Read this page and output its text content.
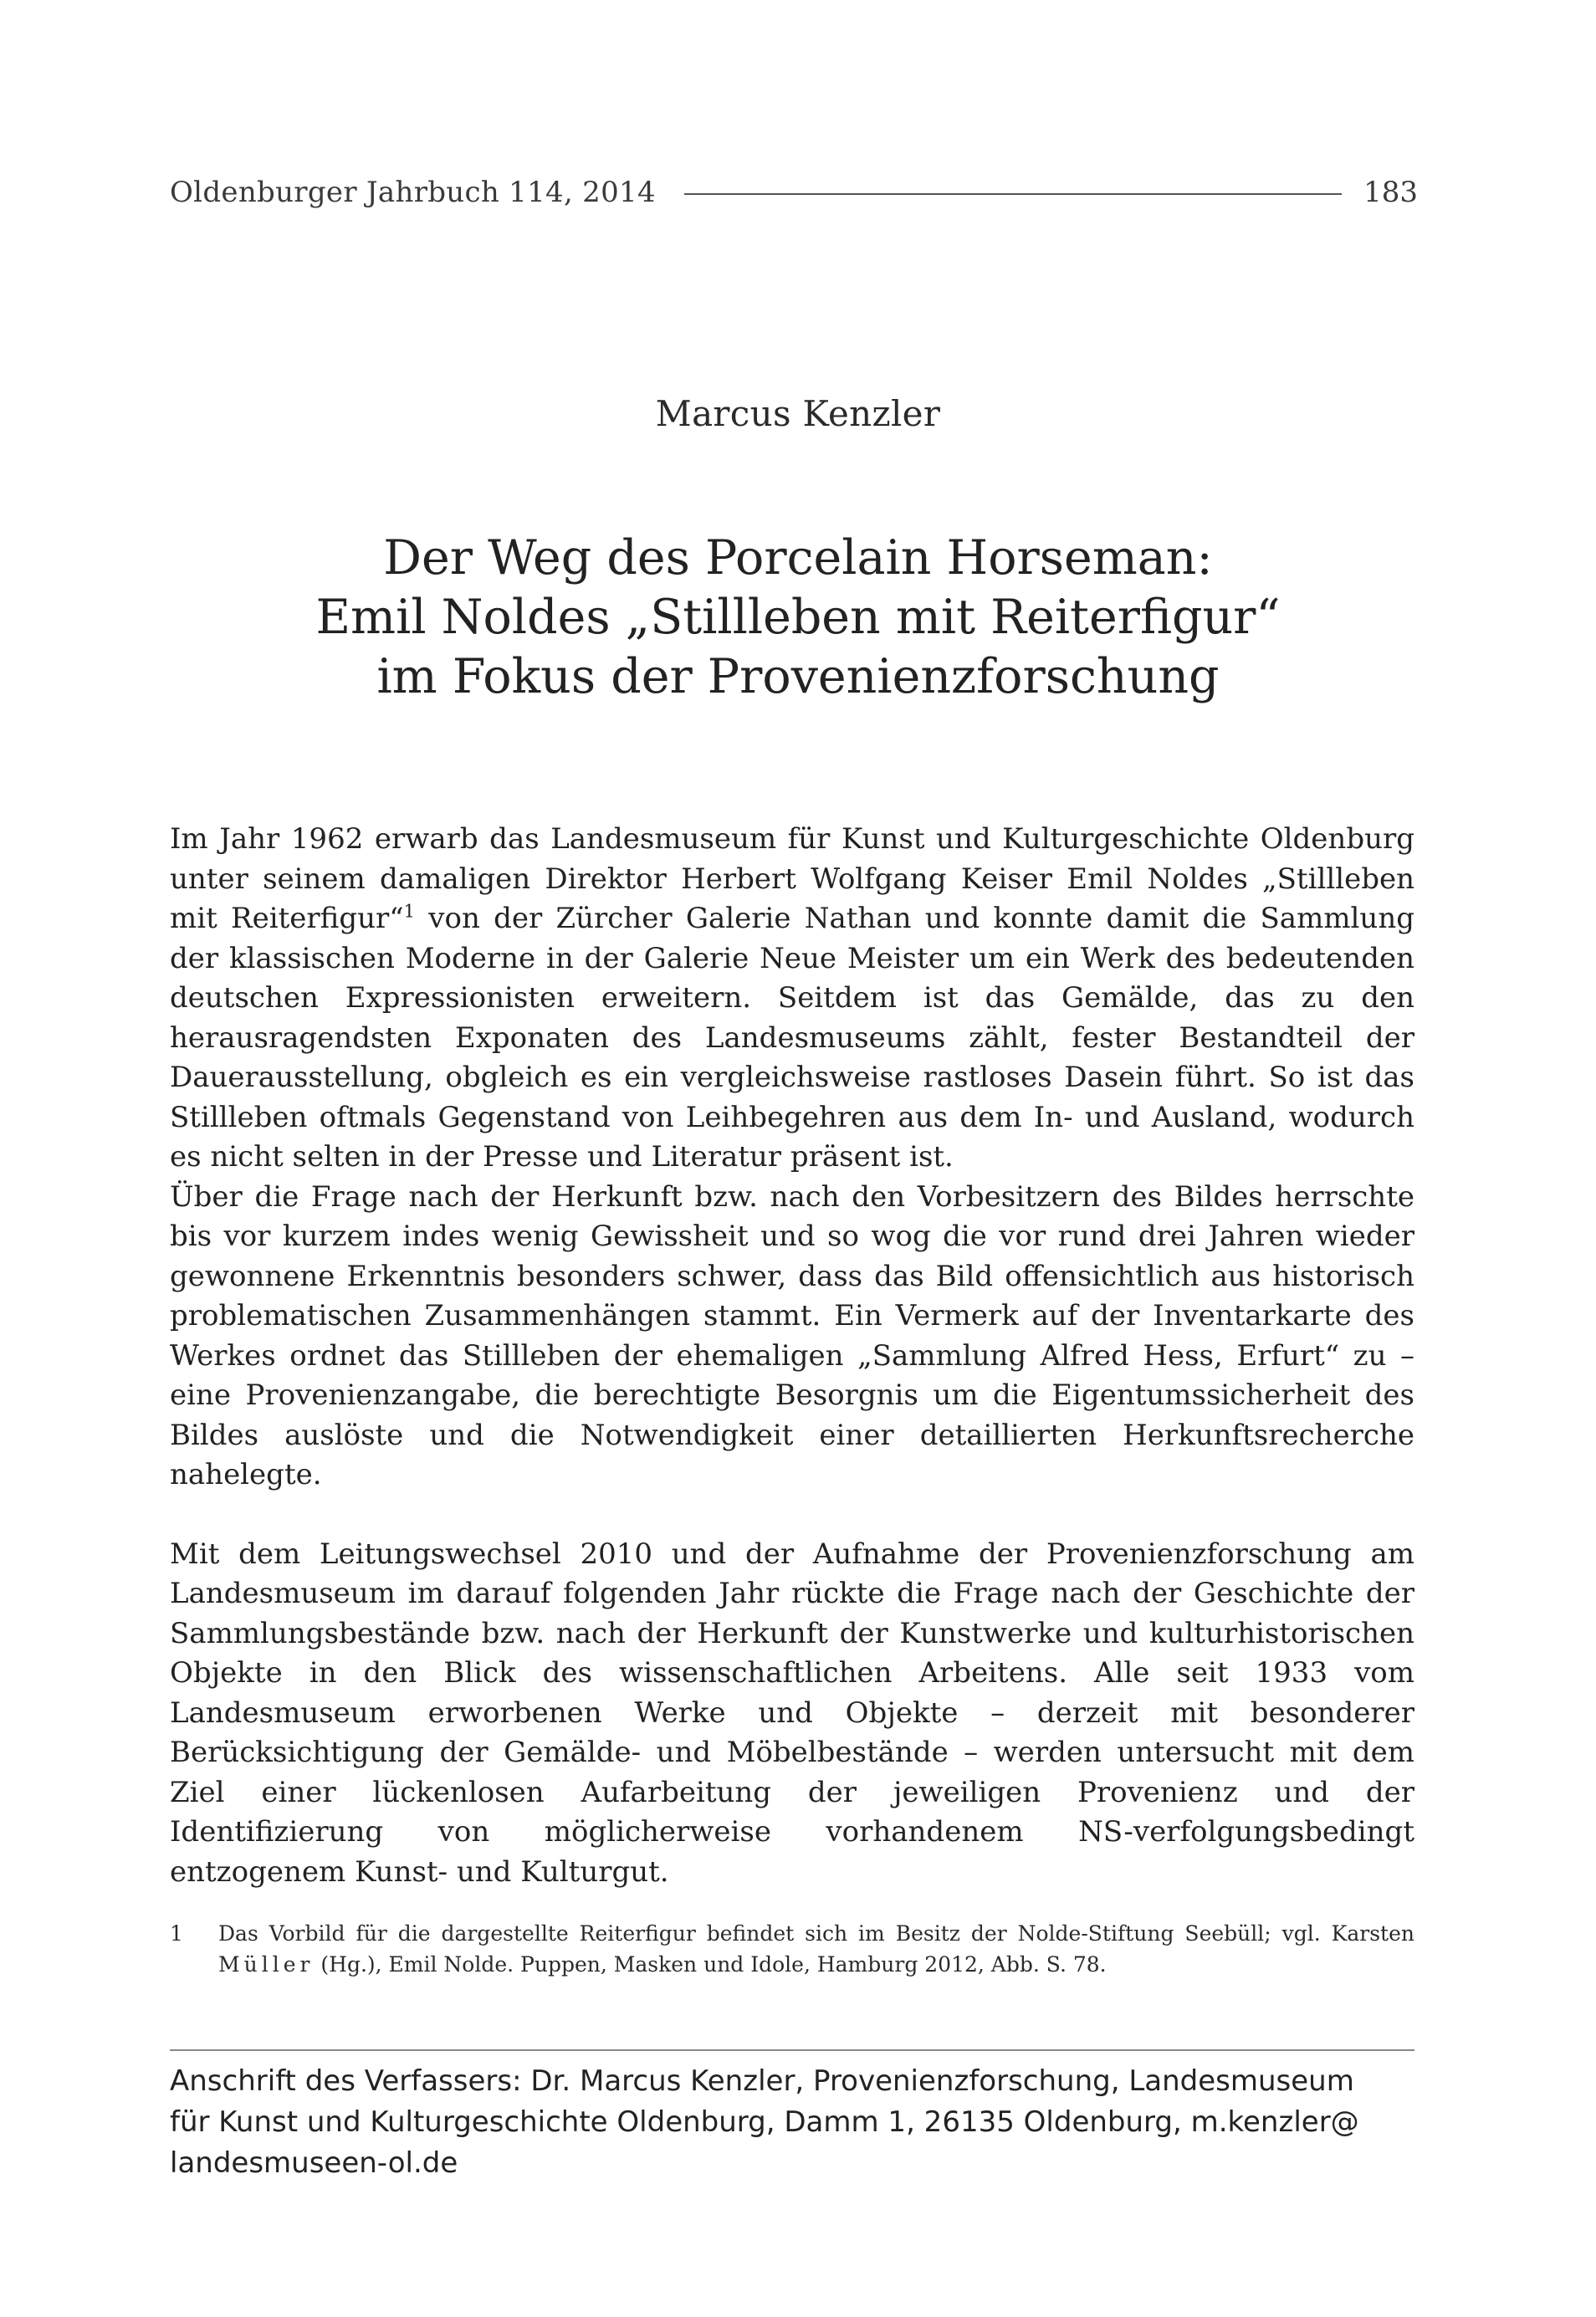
Oldenburger Jahrbuch 114, 2014	183
Marcus Kenzler
Der Weg des Porcelain Horseman:
Emil Noldes „Stillleben mit Reiterfigur“
im Fokus der Provenienzforschung

Im Jahr 1962 erwarb das Landesmuseum für Kunst und Kulturgeschichte Oldenburg unter seinem damaligen Direktor Herbert Wolfgang Keiser Emil Noldes „Stillleben mit Reiterfigur“$^1$ von der Zürcher Galerie Nathan und konnte damit die Sammlung der klassischen Moderne in der Galerie Neue Meister um ein Werk des bedeutenden deutschen Expressionisten erweitern. Seitdem ist das Gemälde, das zu den herausragendsten Exponaten des Landesmuseums zählt, fester Bestandteil der Dauerausstellung, obgleich es ein vergleichsweise rastloses Dasein führt. So ist das Stillleben oftmals Gegenstand von Leihbegehren aus dem In- und Ausland, wodurch es nicht selten in der Presse und Literatur präsent ist.

Über die Frage nach der Herkunft bzw. nach den Vorbesitzern des Bildes herrschte bis vor kurzem indes wenig Gewissheit und so wog die vor rund drei Jahren wieder gewonnene Erkenntnis besonders schwer, dass das Bild offensichtlich aus historisch problematischen Zusammenhängen stammt. Ein Vermerk auf der Inventarkarte des Werkes ordnet das Stillleben der ehemaligen „Sammlung Alfred Hess, Erfurt“ zu – eine Provenienzangabe, die berechtigte Besorgnis um die Eigentumssicherheit des Bildes auslöste und die Notwendigkeit einer detaillierten Herkunftsrecherche nahelegte.

Mit dem Leitungswechsel 2010 und der Aufnahme der Provenienzforschung am Landesmuseum im darauf folgenden Jahr rückte die Frage nach der Geschichte der Sammlungsbestände bzw. nach der Herkunft der Kunstwerke und kulturhistorischen Objekte in den Blick des wissenschaftlichen Arbeitens. Alle seit 1933 vom Landesmuseum erworbenen Werke und Objekte – derzeit mit besonderer Berücksichtigung der Gemälde- und Möbelbestände – werden untersucht mit dem Ziel einer lückenlosen Aufarbeitung der jeweiligen Provenienz und der Identifizierung von möglicherweise vorhandenem NS-verfolgungsbedingt entzogenem Kunst- und Kulturgut.

1	Das Vorbild für die dargestellte Reiterfigur befindet sich im Besitz der Nolde-Stiftung Seebüll; vgl. Karsten Müller (Hg.), Emil Nolde. Puppen, Masken und Idole, Hamburg 2012, Abb. S. 78.
Anschrift des Verfassers: Dr. Marcus Kenzler, Provenienzforschung, Landesmuseum
für Kunst und Kulturgeschichte Oldenburg, Damm 1, 26135 Oldenburg, m.kenzler@
landesmuseen-ol.de
